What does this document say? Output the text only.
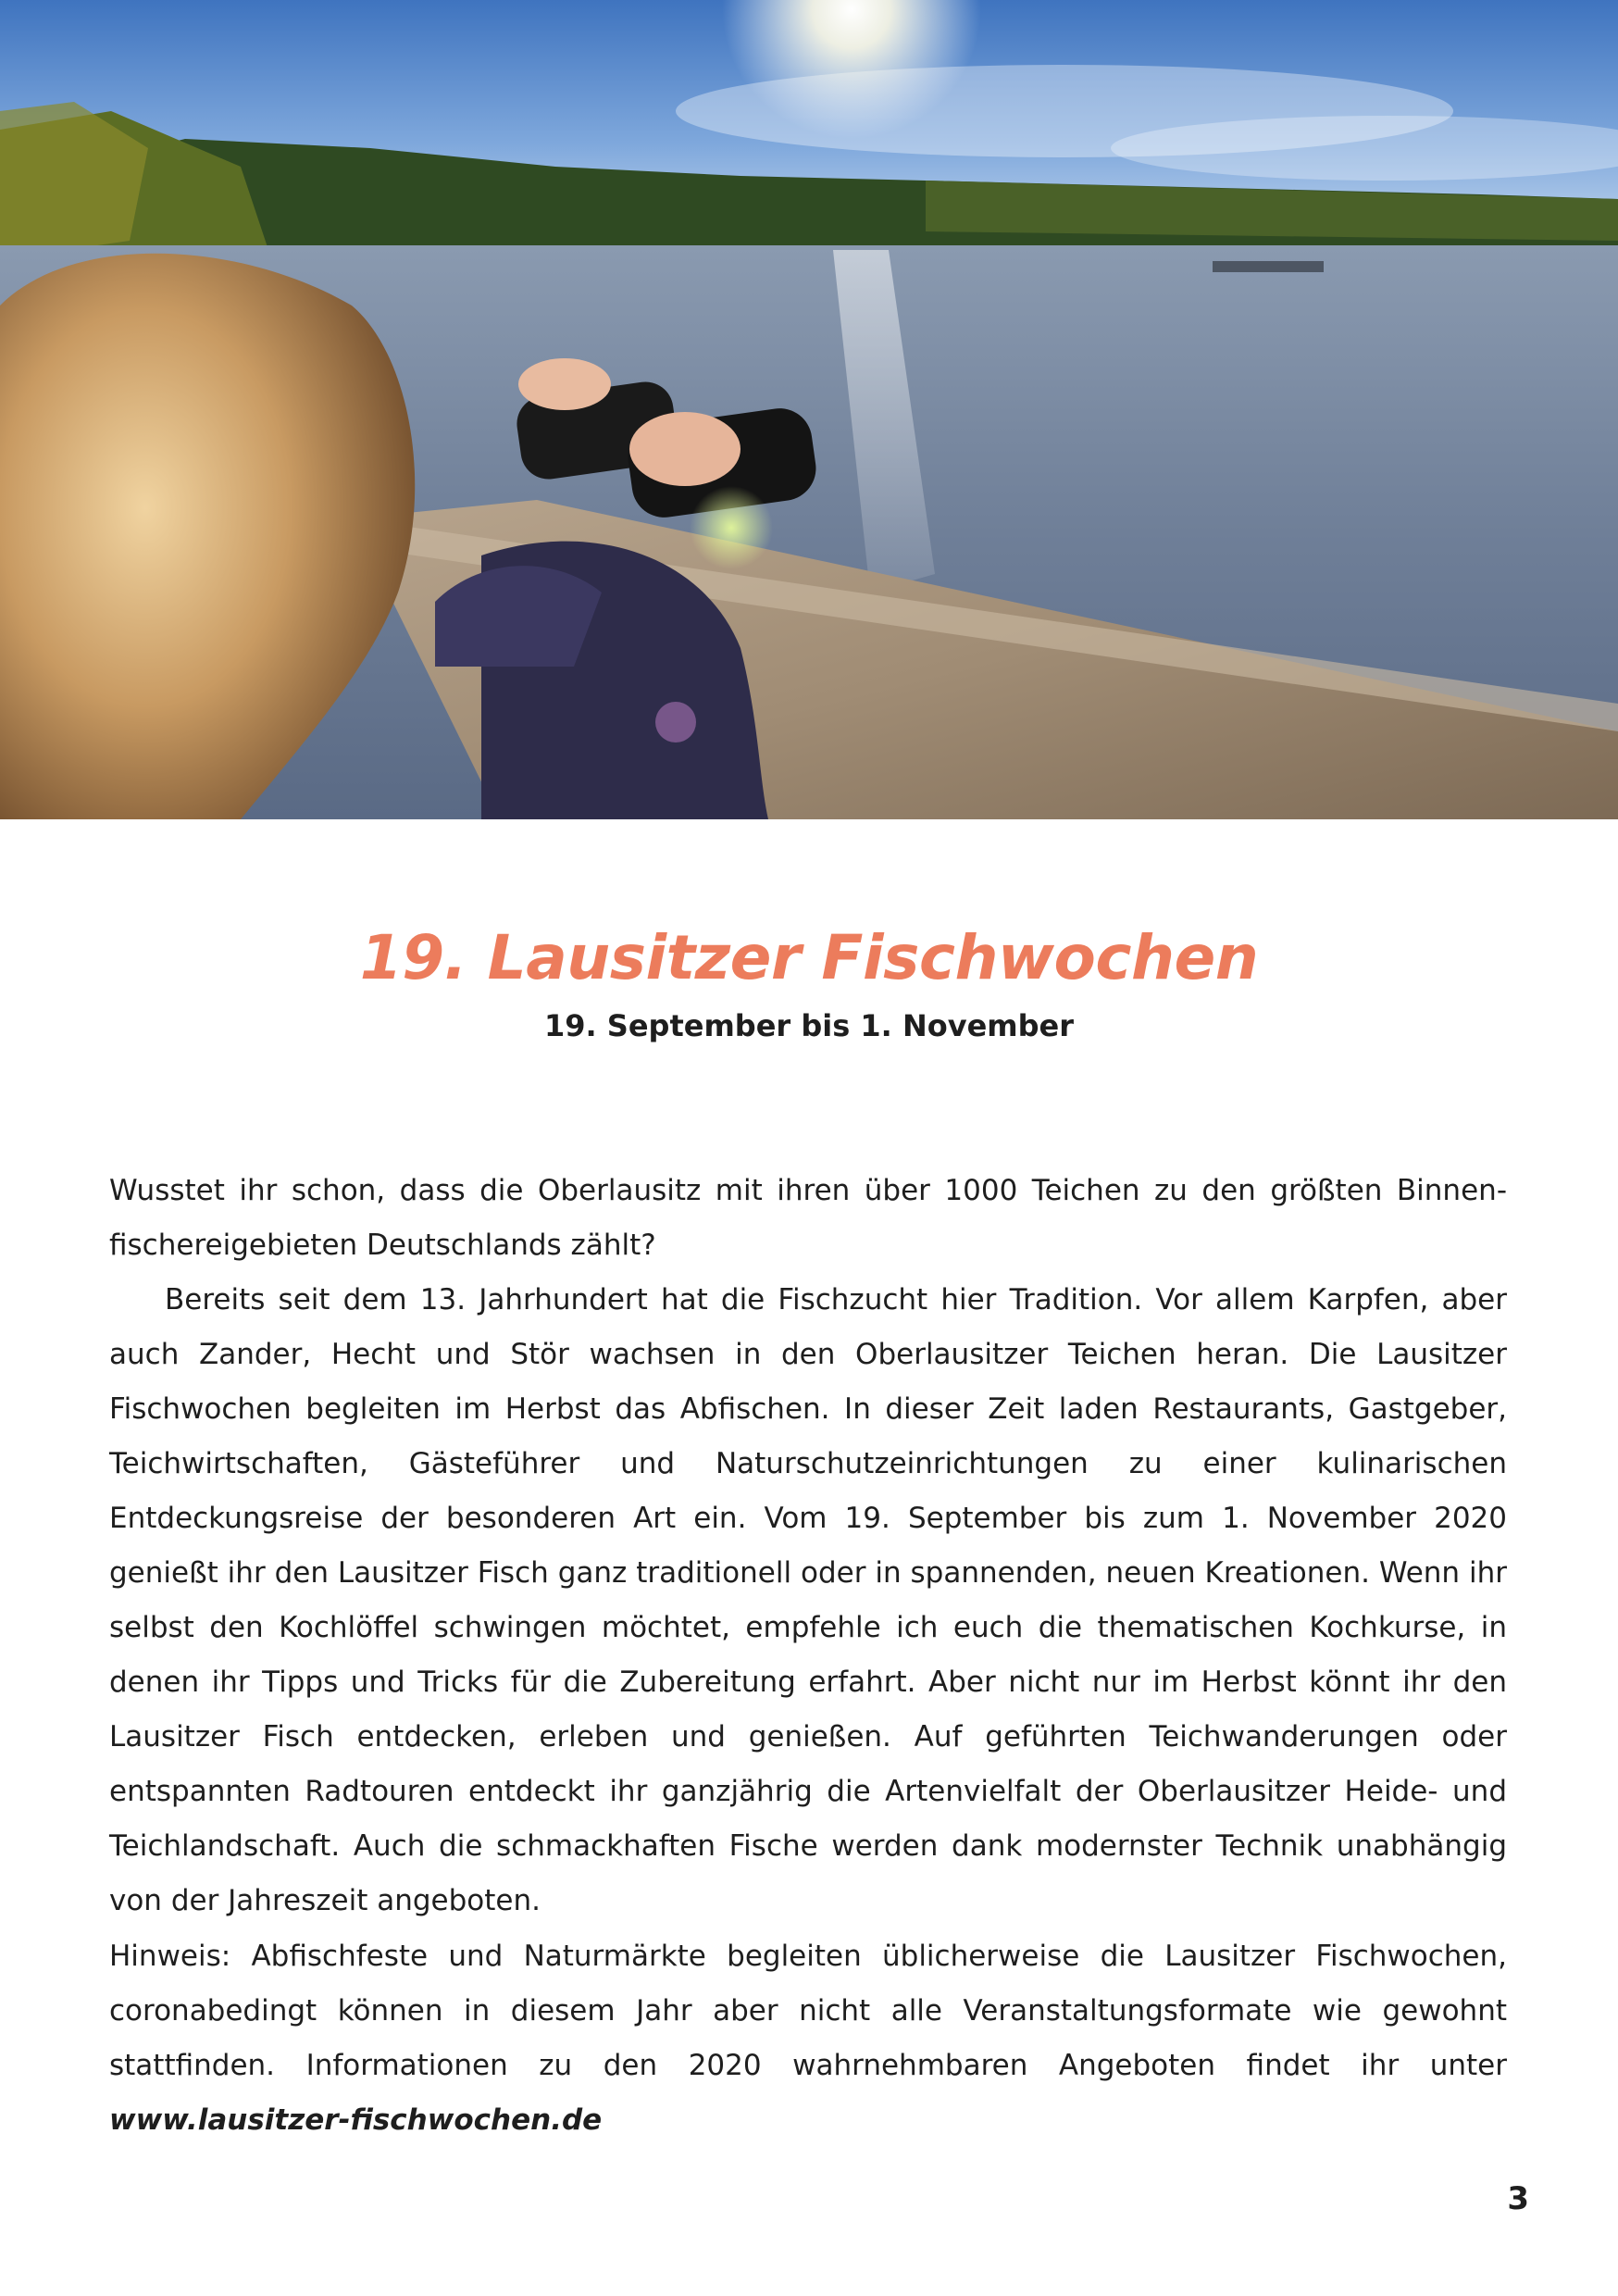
19. Lausitzer Fischwochen
19. September bis 1. November

Wusstet ihr schon, dass die Oberlausitz mit ihren über 1000 Teichen zu den größten Binnenfischereigebieten Deutschlands zählt?

Bereits seit dem 13. Jahrhundert hat die Fischzucht hier Tradition. Vor allem Karpfen, aber auch Zander, Hecht und Stör wachsen in den Oberlausitzer Teichen heran. Die Lausitzer Fischwochen begleiten im Herbst das Abfischen. In dieser Zeit laden Restaurants, Gastgeber, Teichwirtschaften, Gästeführer und Naturschutzeinrichtungen zu einer kulinarischen Entdeckungsreise der besonderen Art ein. Vom 19. September bis zum 1. November 2020 genießt ihr den Lausitzer Fisch ganz traditionell oder in spannenden, neuen Kreationen. Wenn ihr selbst den Kochlöffel schwingen möchtet, empfehle ich euch die thematischen Kochkurse, in denen ihr Tipps und Tricks für die Zubereitung erfahrt. Aber nicht nur im Herbst könnt ihr den Lausitzer Fisch entdecken, erleben und genießen. Auf geführten Teichwanderungen oder entspannten Radtouren entdeckt ihr ganzjährig die Artenvielfalt der Oberlausitzer Heide- und Teichlandschaft. Auch die schmackhaften Fische werden dank modernster Technik unabhängig von der Jahreszeit angeboten.

Hinweis: Abfischfeste und Naturmärkte begleiten üblicherweise die Lausitzer Fischwochen, coronabedingt können in diesem Jahr aber nicht alle Veranstaltungsformate wie gewohnt stattfinden. Informationen zu den 2020 wahrnehmbaren Angeboten findet ihr unter www.lausitzer-fischwochen.de

3
